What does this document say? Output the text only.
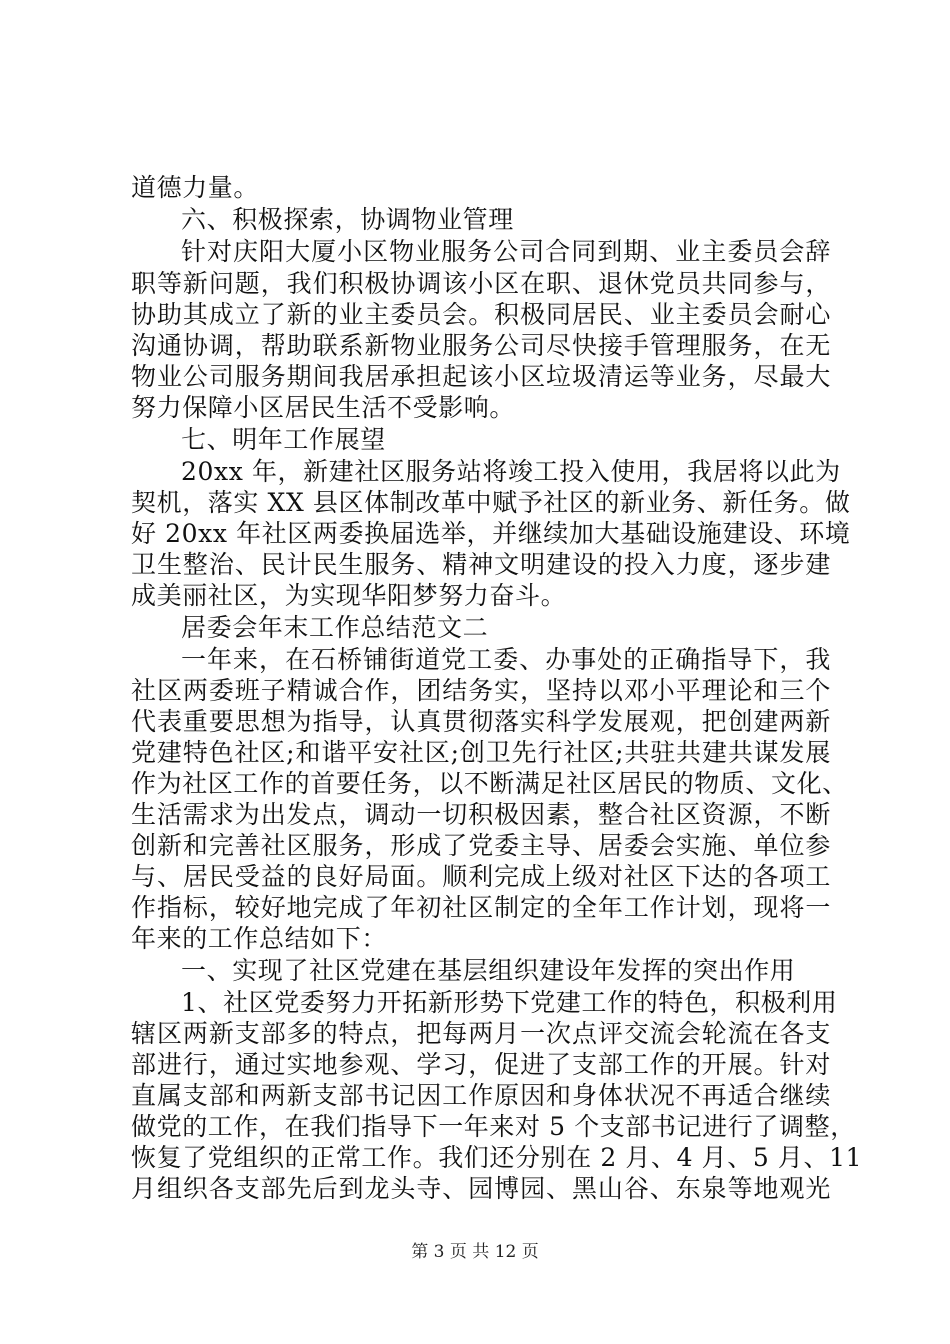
道德力量。
六、积极探索，协调物业管理
针对庆阳大厦小区物业服务公司合同到期、业主委员会辞
职等新问题，我们积极协调该小区在职、退休党员共同参与，
协助其成立了新的业主委员会。积极同居民、业主委员会耐心
沟通协调，帮助联系新物业服务公司尽快接手管理服务，在无
物业公司服务期间我居承担起该小区垃圾清运等业务，尽最大
努力保障小区居民生活不受影响。
七、明年工作展望
20xx 年，新建社区服务站将竣工投入使用，我居将以此为
契机，落实 XX 县区体制改革中赋予社区的新业务、新任务。做
好 20xx 年社区两委换届选举，并继续加大基础设施建设、环境
卫生整治、民计民生服务、精神文明建设的投入力度，逐步建
成美丽社区，为实现华阳梦努力奋斗。
居委会年末工作总结范文二
一年来，在石桥铺街道党工委、办事处的正确指导下，我
社区两委班子精诚合作，团结务实，坚持以邓小平理论和三个
代表重要思想为指导，认真贯彻落实科学发展观，把创建两新
党建特色社区;和谐平安社区;创卫先行社区;共驻共建共谋发展
作为社区工作的首要任务，以不断满足社区居民的物质、文化、
生活需求为出发点，调动一切积极因素，整合社区资源，不断
创新和完善社区服务，形成了党委主导、居委会实施、单位参
与、居民受益的良好局面。顺利完成上级对社区下达的各项工
作指标，较好地完成了年初社区制定的全年工作计划，现将一
年来的工作总结如下：
一、实现了社区党建在基层组织建设年发挥的突出作用
1、社区党委努力开拓新形势下党建工作的特色，积极利用
辖区两新支部多的特点，把每两月一次点评交流会轮流在各支
部进行，通过实地参观、学习，促进了支部工作的开展。针对
直属支部和两新支部书记因工作原因和身体状况不再适合继续
做党的工作，在我们指导下一年来对 5 个支部书记进行了调整，
恢复了党组织的正常工作。我们还分别在 2 月、4 月、5 月、11
月组织各支部先后到龙头寺、园博园、黑山谷、东泉等地观光
第 3 页 共 12 页
